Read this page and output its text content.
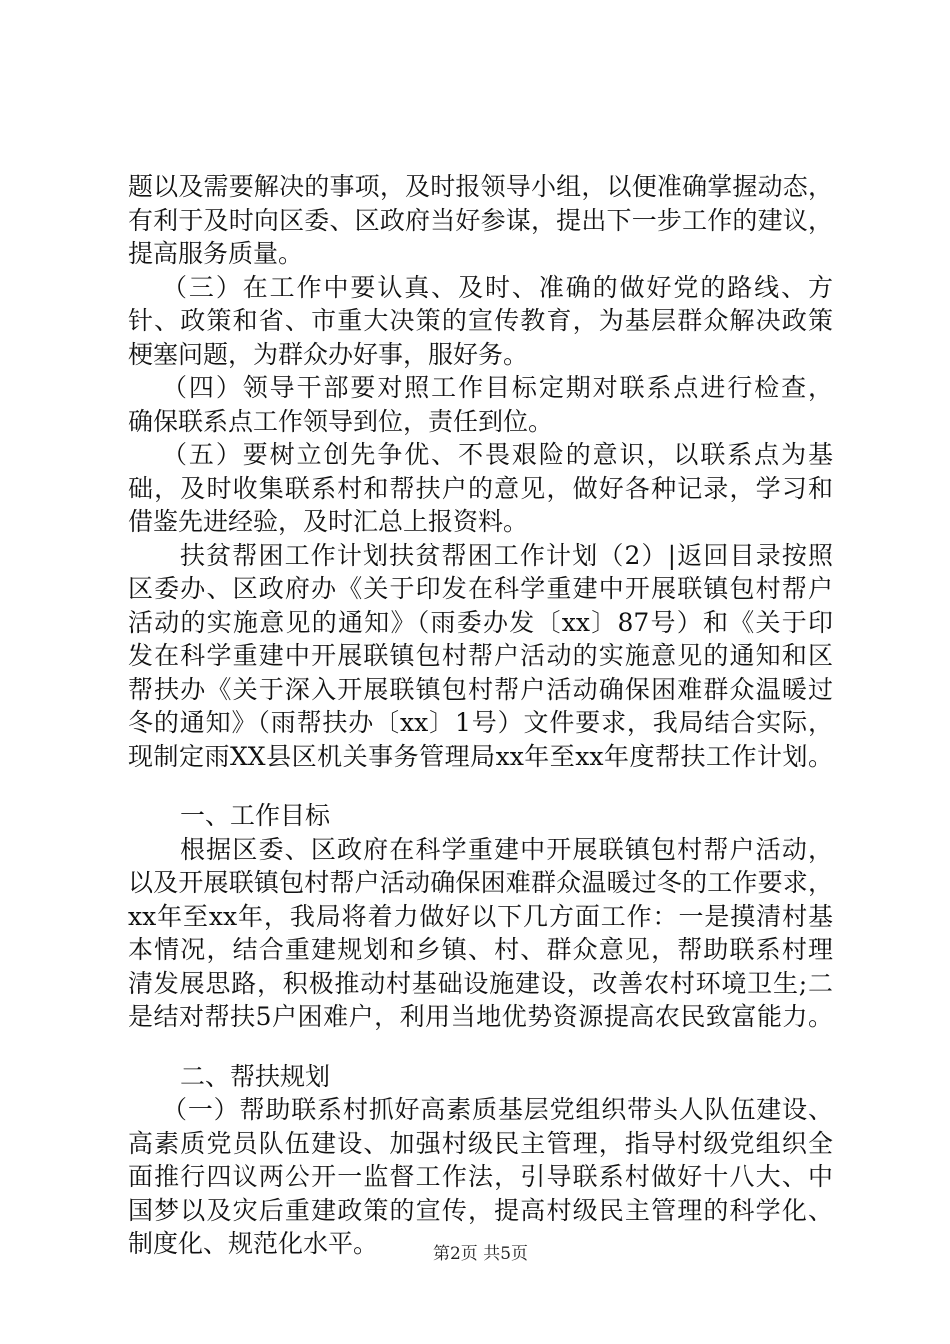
题以及需要解决的事项，及时报领导小组，以便准确掌握动态，
有利于及时向区委、区政府当好参谋，提出下一步工作的建议，
提高服务质量。
（三）在工作中要认真、及时、准确的做好党的路线、方
针、政策和省、市重大决策的宣传教育，为基层群众解决政策
梗塞问题，为群众办好事，服好务。
（四）领导干部要对照工作目标定期对联系点进行检查，
确保联系点工作领导到位，责任到位。
（五）要树立创先争优、不畏艰险的意识，以联系点为基
础，及时收集联系村和帮扶户的意见，做好各种记录，学习和
借鉴先进经验，及时汇总上报资料。
扶贫帮困工作计划扶贫帮困工作计划（2）|返回目录按照
区委办、区政府办《关于印发在科学重建中开展联镇包村帮户
活动的实施意见的通知》（雨委办发〔xx〕87号）和《关于印
发在科学重建中开展联镇包村帮户活动的实施意见的通知和区
帮扶办《关于深入开展联镇包村帮户活动确保困难群众温暖过
冬的通知》（雨帮扶办〔xx〕1号）文件要求，我局结合实际，
现制定雨XX县区机关事务管理局xx年至xx年度帮扶工作计划。
一、工作目标
根据区委、区政府在科学重建中开展联镇包村帮户活动，
以及开展联镇包村帮户活动确保困难群众温暖过冬的工作要求，
xx年至xx年，我局将着力做好以下几方面工作：一是摸清村基
本情况，结合重建规划和乡镇、村、群众意见，帮助联系村理
清发展思路，积极推动村基础设施建设，改善农村环境卫生;二
是结对帮扶5户困难户，利用当地优势资源提高农民致富能力。
二、帮扶规划
（一）帮助联系村抓好高素质基层党组织带头人队伍建设、
高素质党员队伍建设、加强村级民主管理，指导村级党组织全
面推行四议两公开一监督工作法，引导联系村做好十八大、中
国梦以及灾后重建政策的宣传，提高村级民主管理的科学化、
制度化、规范化水平。	第2页 共5页
